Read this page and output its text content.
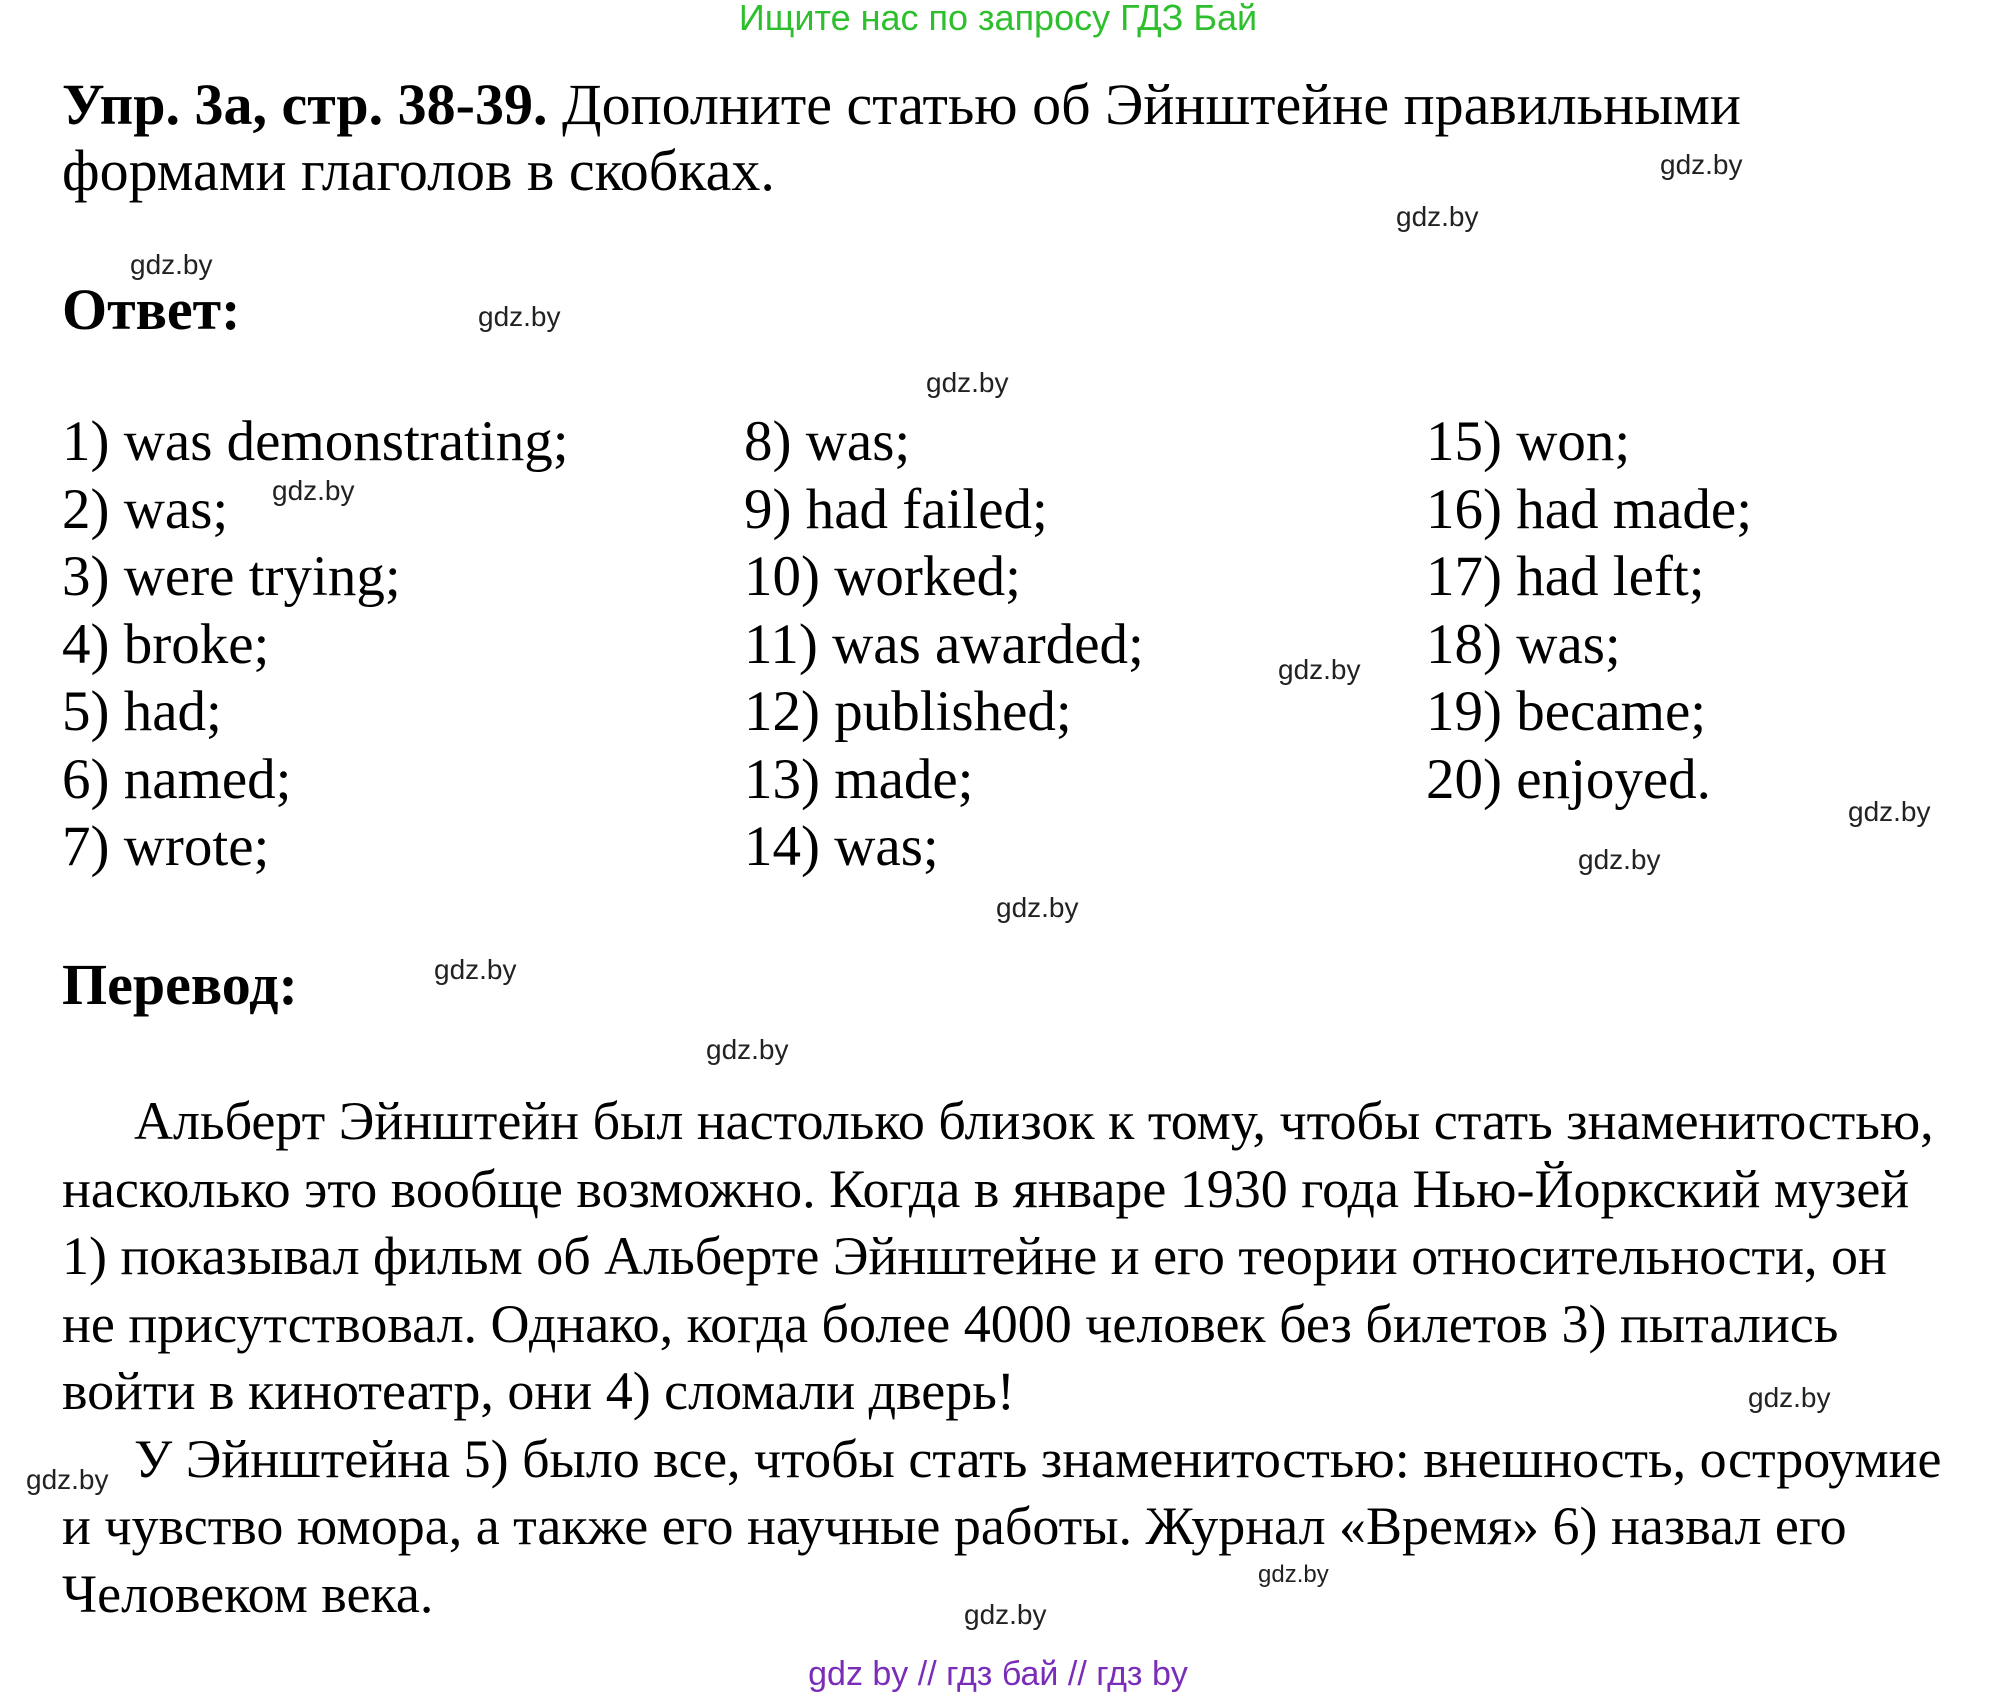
Ищите нас по запросу ГДЗ Бай
Упр. 3а, стр. 38-39. Дополните статью об Эйнштейне правильными формами глаголов в скобках.
Ответ:
1) was demonstrating;
2) was;
3) were trying;
4) broke;
5) had;
6) named;
7) wrote;
8) was;
9) had failed;
10) worked;
11) was awarded;
12) published;
13) made;
14) was;
15) won;
16) had made;
17) had left;
18) was;
19) became;
20) enjoyed.
Перевод:

Альберт Эйнштейн был настолько близок к тому, чтобы стать знаменитостью, насколько это вообще возможно. Когда в январе 1930 года Нью-Йоркский музей 1) показывал фильм об Альберте Эйнштейне и его теории относительности, он не присутствовал. Однако, когда более 4000 человек без билетов 3) пытались войти в кинотеатр, они 4) сломали дверь!

У Эйнштейна 5) было все, чтобы стать знаменитостью: внешность, остроумие и чувство юмора, а также его научные работы. Журнал «Время» 6) назвал его Человеком века.

gdz.by
gdz.by
gdz.by
gdz.by
gdz.by
gdz.by
gdz.by
gdz.by
gdz.by
gdz.by
gdz.by
gdz.by
gdz.by
gdz.by
gdz.by
gdz.by
gdz by // гдз бай // гдз by
